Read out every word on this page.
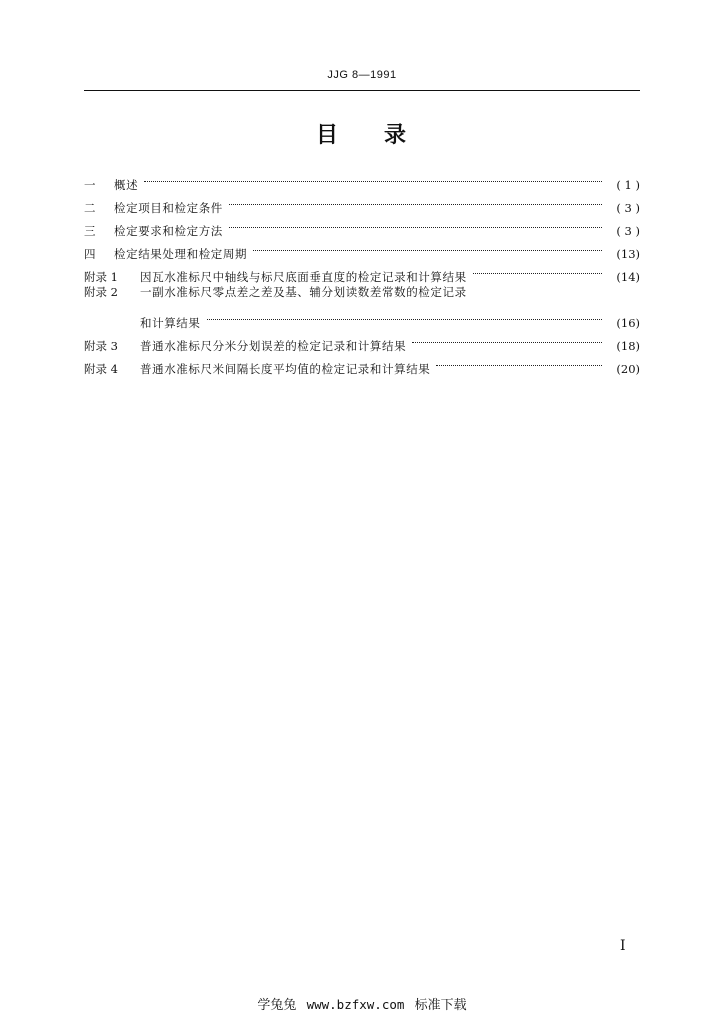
JJG 8—1991
目 录
一	概述	( 1 )
二	检定项目和检定条件	( 3 )
三	检定要求和检定方法	( 3 )
四	检定结果处理和检定周期	(13)
附录 1	因瓦水准标尺中轴线与标尺底面垂直度的检定记录和计算结果	(14)
附录 2	一副水准标尺零点差之差及基、辅分划读数差常数的检定记录
和计算结果	(16)
附录 3	普通水准标尺分米分划误差的检定记录和计算结果	(18)
附录 4	普通水准标尺米间隔长度平均值的检定记录和计算结果	(20)
I
学兔兔 www.bzfxw.com 标准下载
